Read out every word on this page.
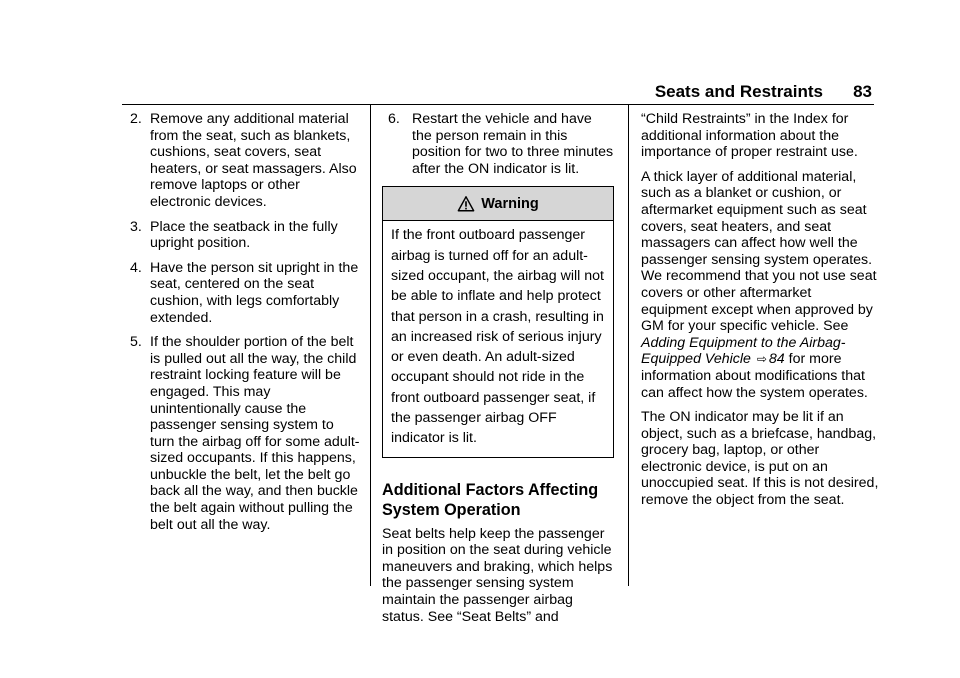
Seats and Restraints 83
2. Remove any additional material from the seat, such as blankets, cushions, seat covers, seat heaters, or seat massagers. Also remove laptops or other electronic devices.
3. Place the seatback in the fully upright position.
4. Have the person sit upright in the seat, centered on the seat cushion, with legs comfortably extended.
5. If the shoulder portion of the belt is pulled out all the way, the child restraint locking feature will be engaged. This may unintentionally cause the passenger sensing system to turn the airbag off for some adult-sized occupants. If this happens, unbuckle the belt, let the belt go back all the way, and then buckle the belt again without pulling the belt out all the way.
6. Restart the vehicle and have the person remain in this position for two to three minutes after the ON indicator is lit.
Warning
If the front outboard passenger airbag is turned off for an adult-sized occupant, the airbag will not be able to inflate and help protect that person in a crash, resulting in an increased risk of serious injury or even death. An adult-sized occupant should not ride in the front outboard passenger seat, if the passenger airbag OFF indicator is lit.
Additional Factors Affecting System Operation

Seat belts help keep the passenger in position on the seat during vehicle maneuvers and braking, which helps the passenger sensing system maintain the passenger airbag status. See “Seat Belts” and

“Child Restraints” in the Index for additional information about the importance of proper restraint use.

A thick layer of additional material, such as a blanket or cushion, or aftermarket equipment such as seat covers, seat heaters, and seat massagers can affect how well the passenger sensing system operates. We recommend that you not use seat covers or other aftermarket equipment except when approved by GM for your specific vehicle. See Adding Equipment to the Airbag-Equipped Vehicle ⇨ 84 for more information about modifications that can affect how the system operates.

The ON indicator may be lit if an object, such as a briefcase, handbag, grocery bag, laptop, or other electronic device, is put on an unoccupied seat. If this is not desired, remove the object from the seat.
